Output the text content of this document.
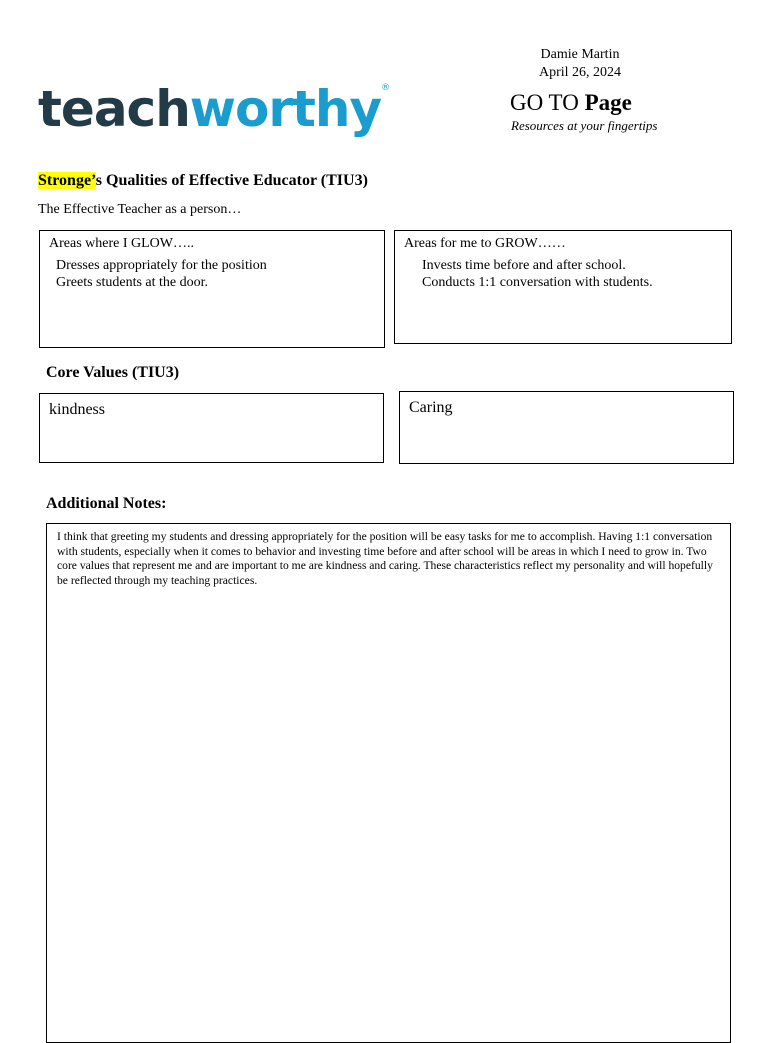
teachworthy®
Damie Martin
April 26, 2024
GO TO Page
Resources at your fingertips
Stronge’s Qualities of Effective Educator (TIU3)
The Effective Teacher as a person…
Areas where I GLOW…..
Dresses appropriately for the position
Greets students at the door.
Areas for me to GROW……
Invests time before and after school.
Conducts 1:1 conversation with students.
Core Values (TIU3)
kindness	Caring
Additional Notes:
I think that greeting my students and dressing appropriately for the position will be easy tasks for me to accomplish. Having 1:1 conversation with students, especially when it comes to behavior and investing time before and after school will be areas in which I need to grow in. Two core values that represent me and are important to me are kindness and caring. These characteristics reflect my personality and will hopefully be reflected through my teaching practices.
